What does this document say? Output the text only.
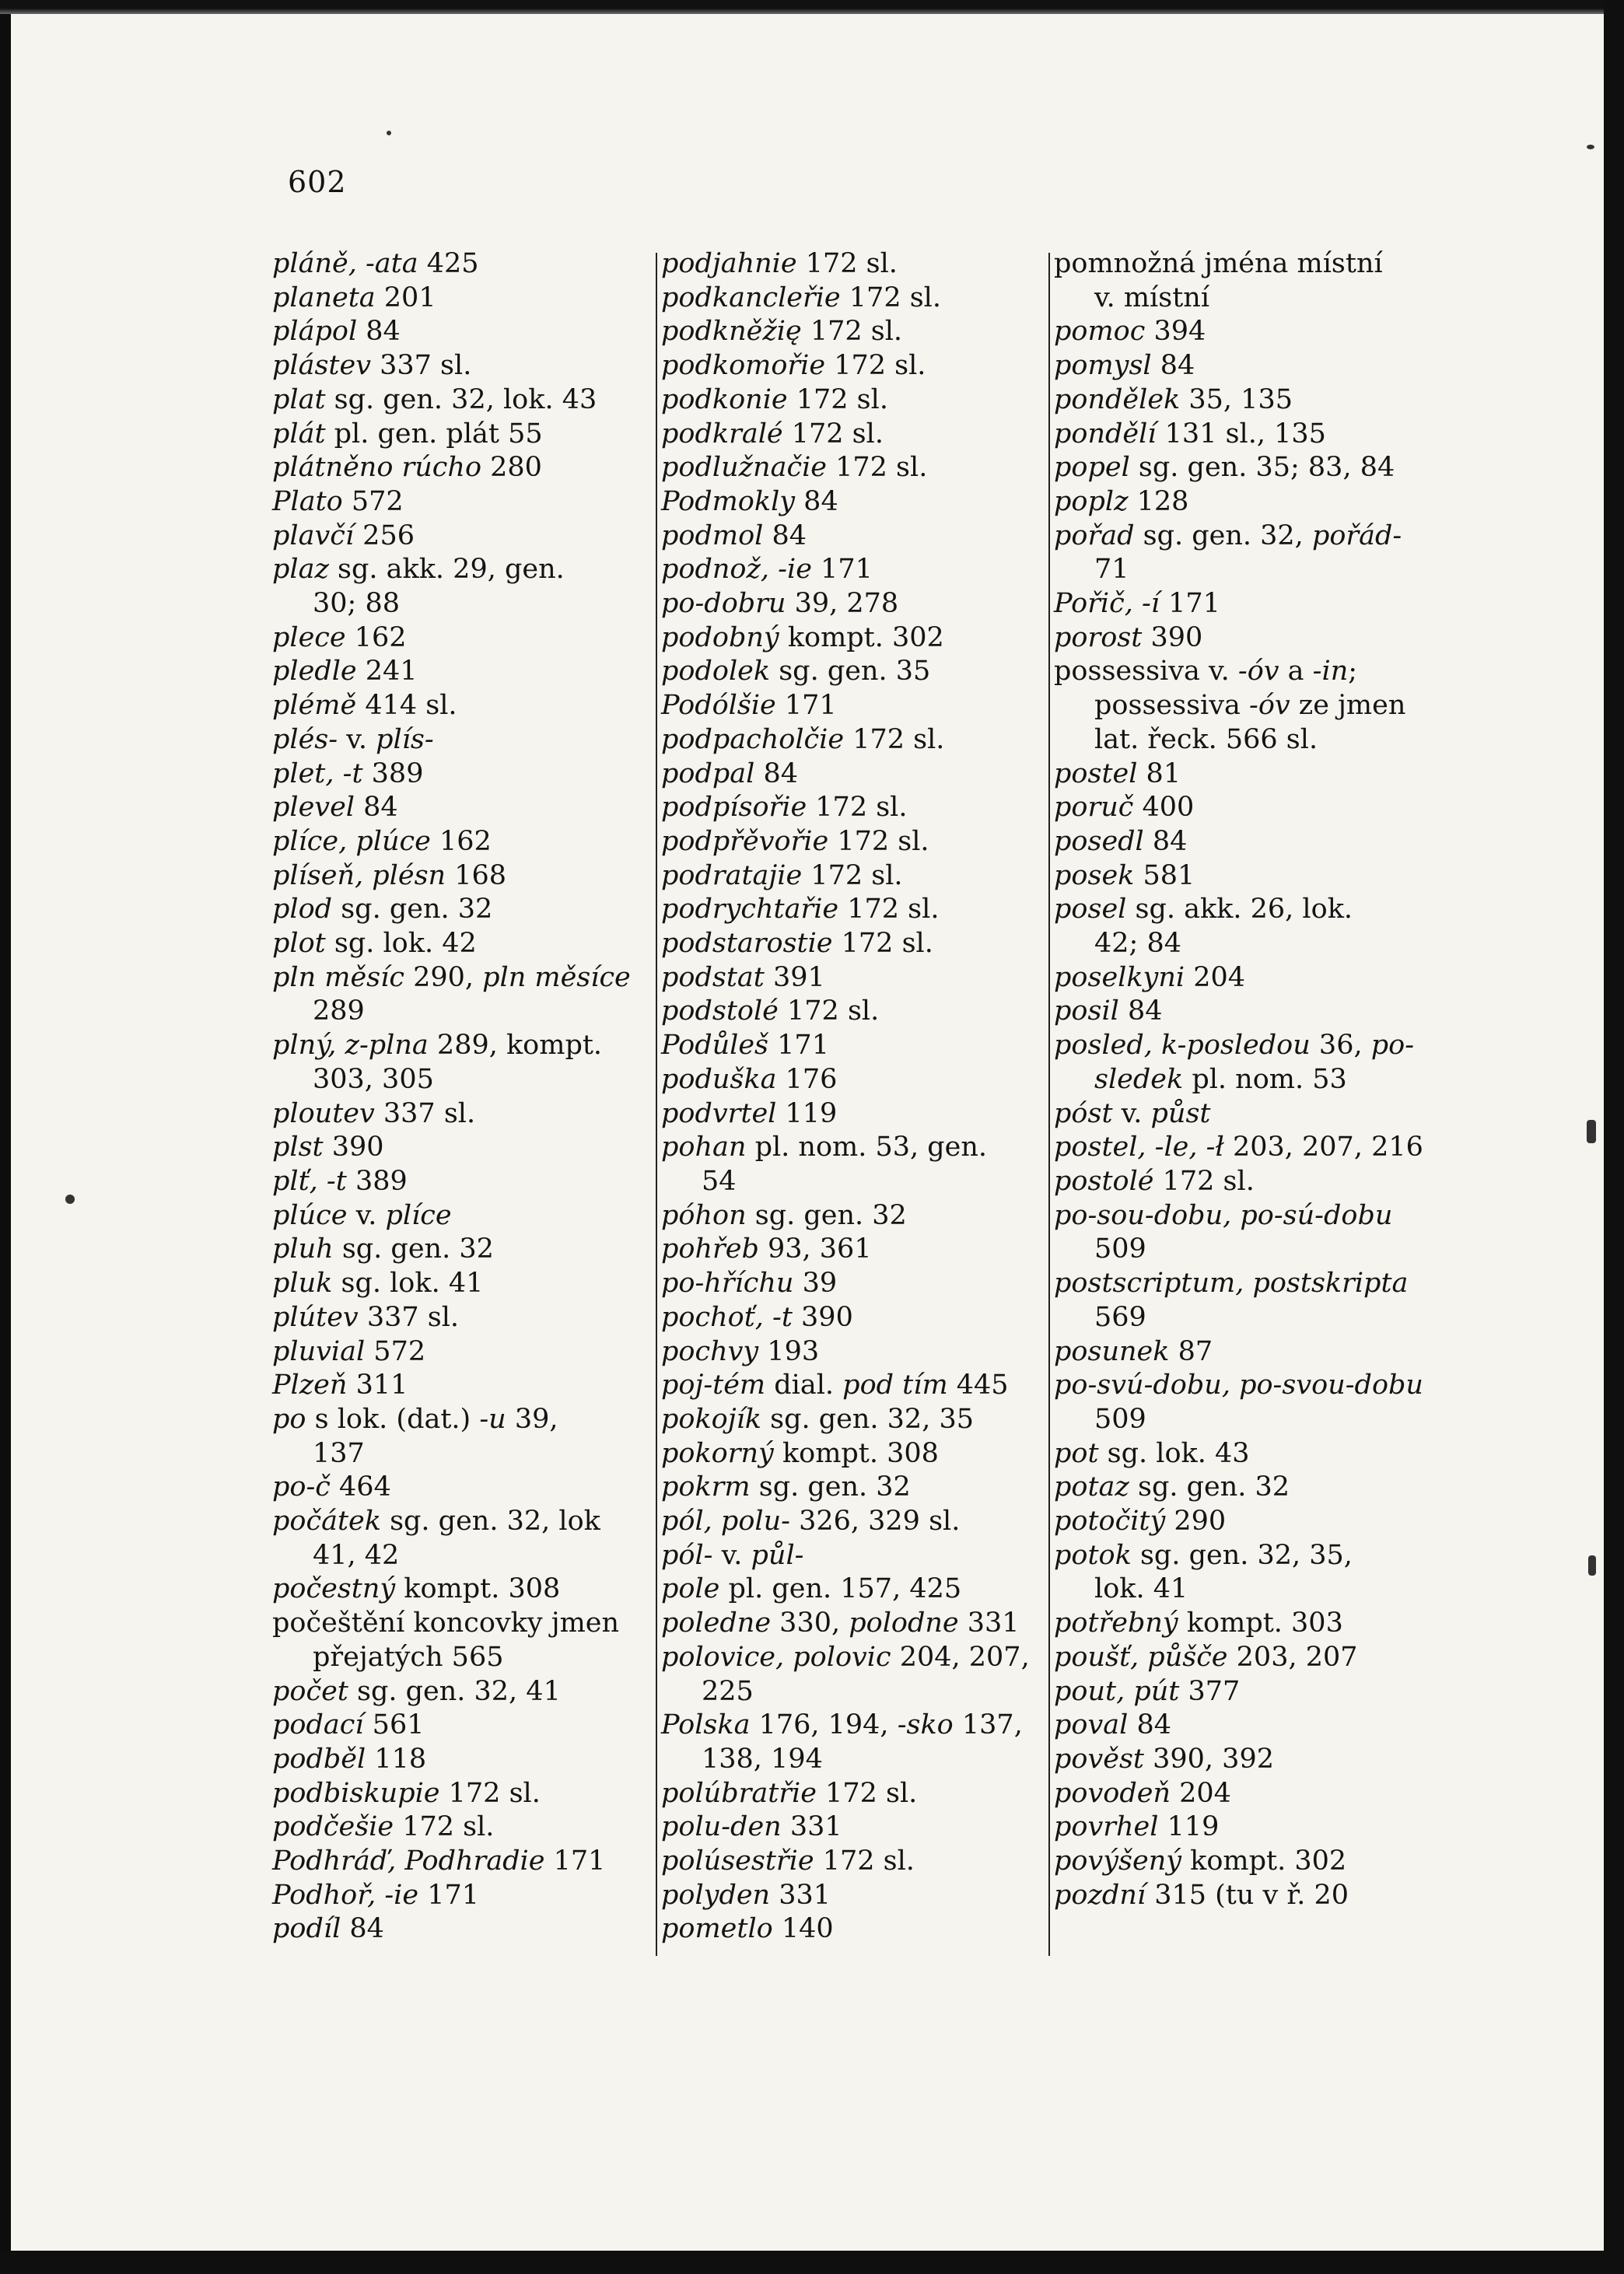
602
pláně, -ata 425
planeta 201
plápol 84
plástev 337 sl.
plat sg. gen. 32, lok. 43
plát pl. gen. plát 55
plátněno rúcho 280
Plato 572
plavčí 256
plaz sg. akk. 29, gen.
30; 88
plece 162
pledle 241
plémě 414 sl.
plés- v. plís-
plet, -t 389
plevel 84
plíce, plúce 162
plíseň, plésn 168
plod sg. gen. 32
plot sg. lok. 42
pln měsíc 290, pln měsíce
289
plný, z-plna 289, kompt.
303, 305
ploutev 337 sl.
plst 390
plť, -t 389
plúce v. plíce
pluh sg. gen. 32
pluk sg. lok. 41
plútev 337 sl.
pluvial 572
Plzeň 311
po s lok. (dat.) -u 39,
137
po-č 464
počátek sg. gen. 32, lok
41, 42
počestný kompt. 308
počeštění koncovky jmen
přejatých 565
počet sg. gen. 32, 41
podací 561
podběl 118
podbiskupie 172 sl.
podčešie 172 sl.
Podhráď, Podhradie 171
Podhoř, -ie 171
podíl 84
podjahnie 172 sl.
podkancleřie 172 sl.
podkněžię 172 sl.
podkomořie 172 sl.
podkonie 172 sl.
podkralé 172 sl.
podlužnačie 172 sl.
Podmokly 84
podmol 84
podnož, -ie 171
po-dobru 39, 278
podobný kompt. 302
podolek sg. gen. 35
Podólšie 171
podpacholčie 172 sl.
podpal 84
podpísořie 172 sl.
podpřěvořie 172 sl.
podratajie 172 sl.
podrychtařie 172 sl.
podstarostie 172 sl.
podstat 391
podstolé 172 sl.
Podůleš 171
poduška 176
podvrtel 119
pohan pl. nom. 53, gen.
54
póhon sg. gen. 32
pohřeb 93, 361
po-hříchu 39
pochoť, -t 390
pochvy 193
poj-tém dial. pod tím 445
pokojík sg. gen. 32, 35
pokorný kompt. 308
pokrm sg. gen. 32
pól, polu- 326, 329 sl.
pól- v. půl-
pole pl. gen. 157, 425
poledne 330, polodne 331
polovice, polovic 204, 207,
225
Polska 176, 194, -sko 137,
138, 194
polúbratřie 172 sl.
polu-den 331
polúsestřie 172 sl.
polyden 331
pometlo 140
pomnožná jména místní
v. místní
pomoc 394
pomysl 84
pondělek 35, 135
pondělí 131 sl., 135
popel sg. gen. 35; 83, 84
poplz 128
pořad sg. gen. 32, pořád-
71
Pořič, -í 171
porost 390
possessiva v. -óv a -in;
possessiva -óv ze jmen
lat. řeck. 566 sl.
postel 81
poruč 400
posedl 84
posek 581
posel sg. akk. 26, lok.
42; 84
poselkyni 204
posil 84
posled, k-posledou 36, po-
sledek pl. nom. 53
póst v. půst
postel, -le, -ł 203, 207, 216
postolé 172 sl.
po-sou-dobu, po-sú-dobu
509
postscriptum, postskripta
569
posunek 87
po-svú-dobu, po-svou-dobu
509
pot sg. lok. 43
potaz sg. gen. 32
potočitý 290
potok sg. gen. 32, 35,
lok. 41
potřebný kompt. 303
poušť, půšče 203, 207
pout, pút 377
poval 84
pověst 390, 392
povodeň 204
povrhel 119
povýšený kompt. 302
pozdní 315 (tu v ř. 20
